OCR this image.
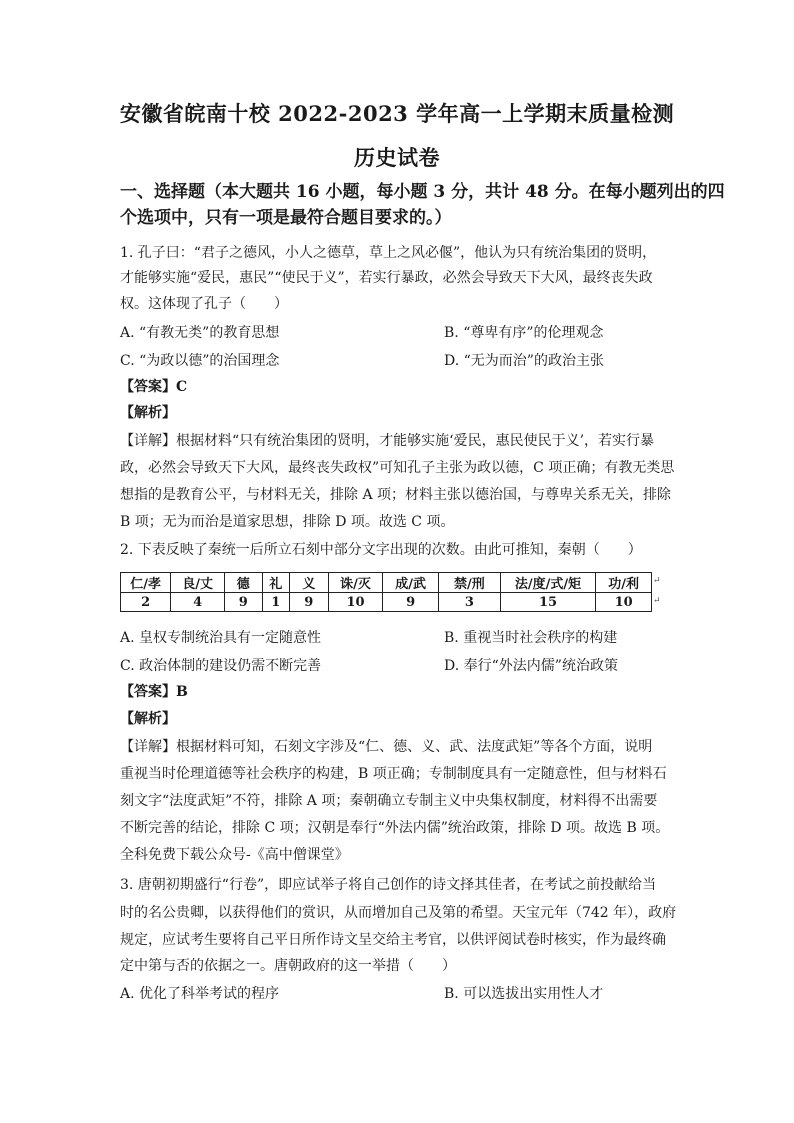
安徽省皖南十校 2022-2023 学年高一上学期末质量检测
历史试卷
一、选择题（本大题共 16 小题，每小题 3 分，共计 48 分。在每小题列出的四
个选项中，只有一项是最符合题目要求的。）
1. 孔子曰：“君子之德风，小人之德草，草上之风必偃”，他认为只有统治集团的贤明，
才能够实施“爱民，惠民”“使民于义”，若实行暴政，必然会导致天下大风，最终丧失政
权。这体现了孔子（　　）
A. “有教无类”的教育思想	B. “尊卑有序”的伦理观念
C. “为政以德”的治国理念	D. “无为而治”的政治主张
【答案】C
【解析】
【详解】根据材料“只有统治集团的贤明，才能够实施‘爱民，惠民使民于义’，若实行暴
政，必然会导致天下大风，最终丧失政权”可知孔子主张为政以德，C 项正确；有教无类思
想指的是教育公平，与材料无关，排除 A 项；材料主张以德治国，与尊卑关系无关，排除
B 项；无为而治是道家思想，排除 D 项。故选 C 项。
2. 下表反映了秦统一后所立石刻中部分文字出现的次数。由此可推知，秦朝（　　）
仁/孝	良/丈	德	礼	义	诛/灭	成/武	禁/刑	法/度/式/矩	功/利
2	4	9	1	9	10	9	3	15	10
↵
↵
A. 皇权专制统治具有一定随意性	B. 重视当时社会秩序的构建
C. 政治体制的建设仍需不断完善	D. 奉行“外法内儒”统治政策
【答案】B
【解析】
【详解】根据材料可知，石刻文字涉及“仁、德、义、武、法度武矩”等各个方面，说明
重视当时伦理道德等社会秩序的构建，B 项正确；专制制度具有一定随意性，但与材料石
刻文字“法度武矩”不符，排除 A 项；秦朝确立专制主义中央集权制度，材料得不出需要
不断完善的结论，排除 C 项；汉朝是奉行“外法内儒”统治政策，排除 D 项。故选 B 项。
全科免费下载公众号-《高中僧课堂》
3. 唐朝初期盛行“行卷”，即应试举子将自己创作的诗文择其佳者，在考试之前投献给当
时的名公贵卿，以获得他们的赏识，从而增加自己及第的希望。天宝元年（742 年），政府
规定，应试考生要将自己平日所作诗文呈交给主考官，以供评阅试卷时核实，作为最终确
定中第与否的依据之一。唐朝政府的这一举措（　　）
A. 优化了科举考试的程序	B. 可以选拔出实用性人才
